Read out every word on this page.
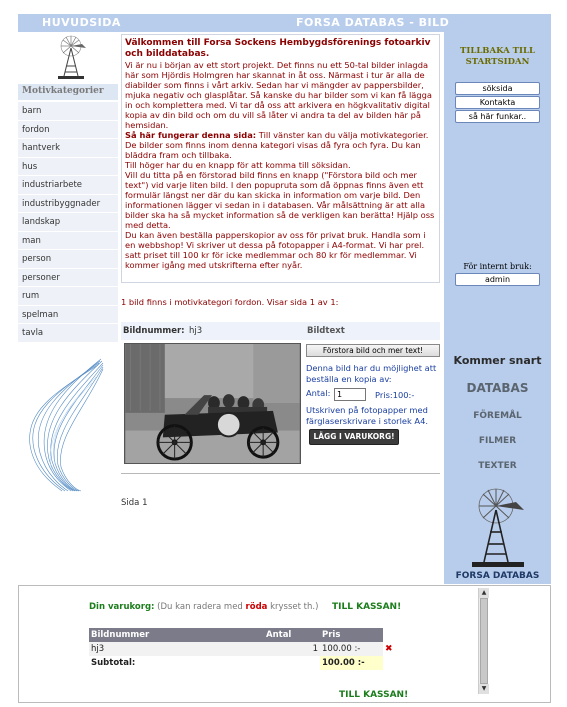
HUVUDSIDA	FORSA DATABAS - BILD
Motivkategorier
barn
fordon
hantverk
hus
industriarbete
industribyggnader
landskap
man
person
personer
rum
spelman
tavla
Välkommen till Forsa Sockens Hembygdsförenings fotoarkiv och bilddatabas.
Vi är nu i början av ett stort projekt. Det finns nu ett 50-tal bilder inlagda här som Hjördis Holmgren har skannat in åt oss. Närmast i tur är alla de diabilder som finns i vårt arkiv. Sedan har vi mängder av pappersbilder, mjuka negativ och glasplåtar. Så kanske du har bilder som vi kan få lägga in och komplettera med. Vi tar då oss att arkivera en högkvalitativ digital kopia av din bild och om du vill så låter vi andra ta del av bilden här på hemsidan.
Så här fungerar denna sida: Till vänster kan du välja motivkategorier. De bilder som finns inom denna kategori visas då fyra och fyra. Du kan bläddra fram och tillbaka.
Till höger har du en knapp för att komma till söksidan.
Vill du titta på en förstorad bild finns en knapp ("Förstora bild och mer text") vid varje liten bild. I den popupruta som då öppnas finns även ett formulär längst ner där du kan skicka in information om varje bild. Den informationen lägger vi sedan in i databasen. Vår målsättning är att alla bilder ska ha så mycket information så de verkligen kan berätta! Hjälp oss med detta.
Du kan även beställa papperskopior av oss för privat bruk. Handla som i en webbshop! Vi skriver ut dessa på fotopapper i A4-format. Vi har prel. satt priset till 100 kr för icke medlemmar och 80 kr för medlemmar. Vi kommer igång med utskrifterna efter nyår.
1 bild finns i motivkategori fordon. Visar sida 1 av 1:
Bildnummer: hj3	Bildtext
Förstora bild och mer text!
Denna bild har du möjlighet att beställa en kopia av:
Antal: 1	Pris:100:-
Utskriven på fotopapper med färglaserskrivare i storlek A4.
LÄGG I VARUKORG!
Sida 1
TILLBAKA TILL STARTSIDAN
söksida
Kontakta
så här funkar..
För internt bruk:
admin
Kommer snart
DATABAS
FÖREMÅL
FILMER
TEXTER
FORSA DATABAS
Din varukorg: (Du kan radera med röda krysset th.) TILL KASSAN!
Bildnummer	Antal	Pris	
hj3	1	100.00 :-	✖
Subtotal:		100.00 :-	
TILL KASSAN!
▲
▼
